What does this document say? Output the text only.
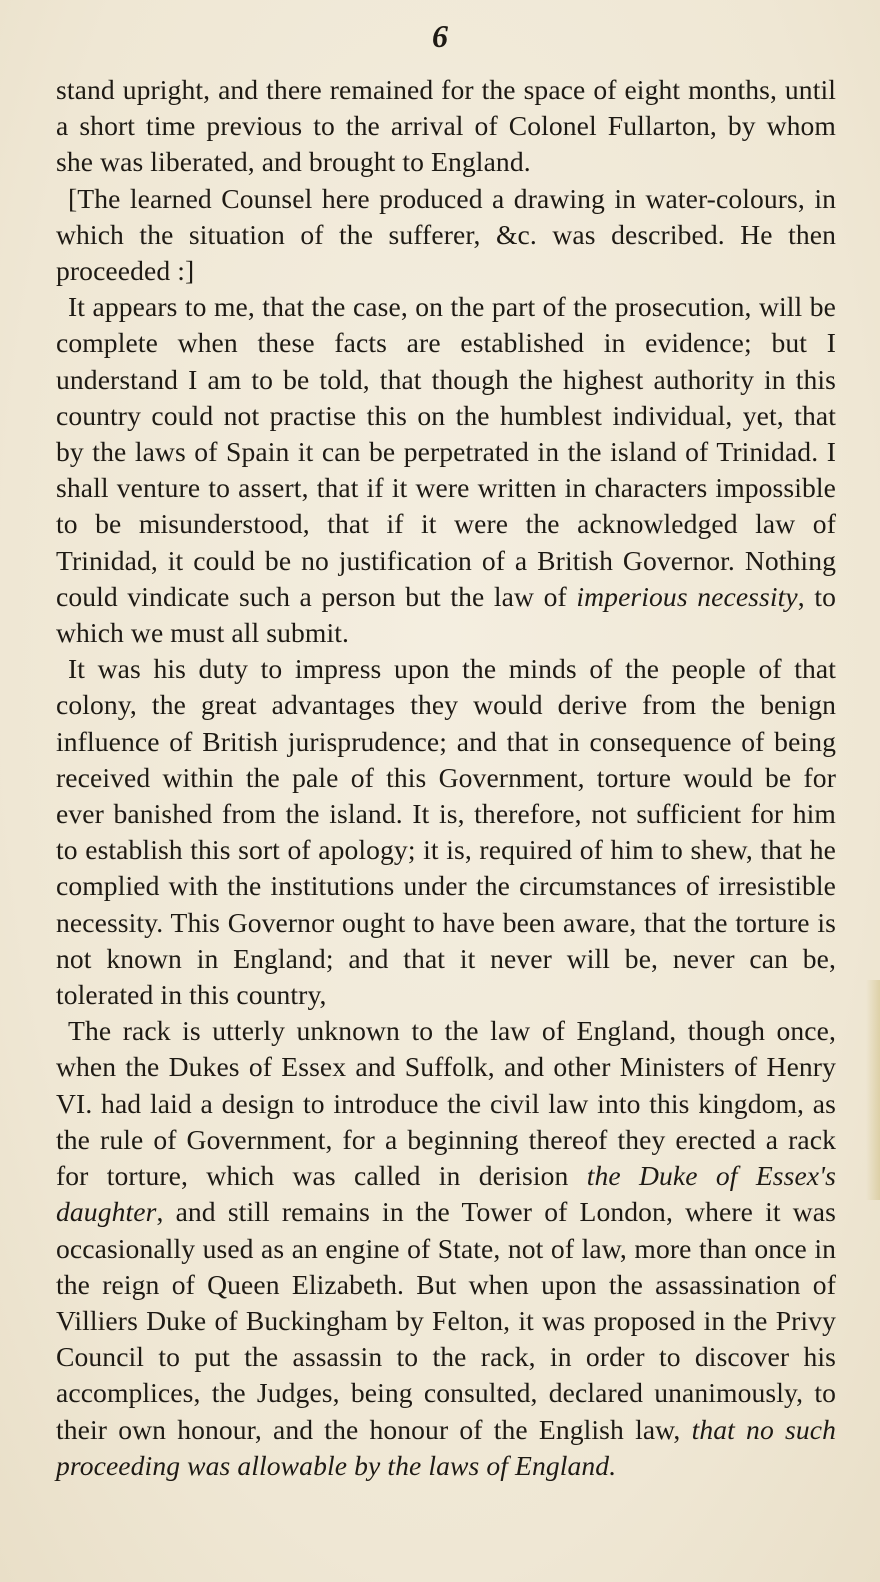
6

stand upright, and there remained for the space of eight months, until a short time previous to the arrival of Colonel Fullarton, by whom she was liberated, and brought to England.

[The learned Counsel here produced a drawing in water-colours, in which the situation of the sufferer, &c. was described. He then proceeded :]

It appears to me, that the case, on the part of the prosecution, will be complete when these facts are established in evidence; but I understand I am to be told, that though the highest authority in this country could not practise this on the humblest individual, yet, that by the laws of Spain it can be perpetrated in the island of Trinidad. I shall venture to assert, that if it were written in characters impossible to be misunderstood, that if it were the acknowledged law of Trinidad, it could be no justification of a British Governor. Nothing could vindicate such a person but the law of imperious necessity, to which we must all submit.

It was his duty to impress upon the minds of the people of that colony, the great advantages they would derive from the benign influence of British jurisprudence; and that in consequence of being received within the pale of this Government, torture would be for ever banished from the island. It is, therefore, not sufficient for him to establish this sort of apology; it is, required of him to shew, that he complied with the institutions under the circumstances of irresistible necessity. This Governor ought to have been aware, that the torture is not known in England; and that it never will be, never can be, tolerated in this country,

The rack is utterly unknown to the law of England, though once, when the Dukes of Essex and Suffolk, and other Ministers of Henry VI. had laid a design to introduce the civil law into this kingdom, as the rule of Government, for a beginning thereof they erected a rack for torture, which was called in derision the Duke of Essex's daughter, and still remains in the Tower of London, where it was occasionally used as an engine of State, not of law, more than once in the reign of Queen Elizabeth. But when upon the assassination of Villiers Duke of Buckingham by Felton, it was proposed in the Privy Council to put the assassin to the rack, in order to discover his accomplices, the Judges, being consulted, declared unanimously, to their own honour, and the honour of the English law, that no such proceeding was allowable by the laws of England.
